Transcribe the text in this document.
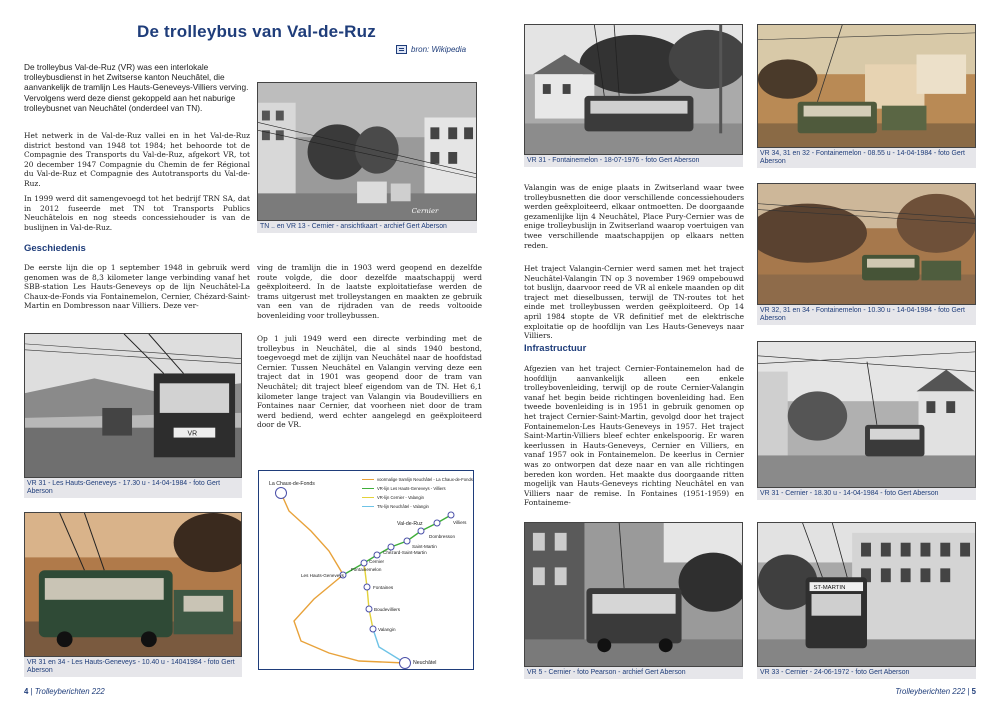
De trolleybus van Val-de-Ruz
bron: Wikipedia
De trolleybus Val-de-Ruz (VR) was een interlokale trolleybusdienst in het Zwitserse kanton Neuchâtel, die aanvankelijk de tramlijn Les Hauts-Geneveys-Villiers verving. Vervolgens werd deze dienst gekoppeld aan het naburige trolleybusnet van Neuchâtel (onderdeel van TN).
Het netwerk in de Val-de-Ruz vallei en in het Val-de-Ruz district bestond van 1948 tot 1984; het behoorde tot de Compagnie des Transports du Val-de-Ruz, afgekort VR, tot 20 december 1947 Compagnie du Chemin de fer Régional du Val-de-Ruz et Compagnie des Autotransports du Val-de-Ruz.
In 1999 werd dit samengevoegd tot het bedrijf TRN SA, dat in 2012 fuseerde met TN tot Transports Publics Neuchâtelois en nog steeds concessiehouder is van de buslijnen in Val-de-Ruz.
Geschiedenis
De eerste lijn die op 1 september 1948 in gebruik werd genomen was de 8,3 kilometer lange verbinding vanaf het SBB-station Les Hauts-Geneveys op de lijn Neuchâtel-La Chaux-de-Fonds via Fontainemelon, Cernier, Chézard-Saint-Martin en Dombresson naar Villiers. Deze ver-
ving de tramlijn die in 1903 werd geopend en dezelfde route volgde, die door dezelfde maatschappij werd geëxploiteerd. In de laatste exploitatiefase werden de trams uitgerust met trolleystangen en maakten ze gebruik van een van de rijdraden van de reeds voltooide bovenleiding voor trolleybussen.
Op 1 juli 1949 werd een directe verbinding met de trolleybus in Neuchâtel, die al sinds 1940 bestond, toegevoegd met de zijlijn van Neuchâtel naar de hoofdstad Cernier. Tussen Neuchâtel en Valangin verving deze een traject dat in 1901 was geopend door de tram van Neuchâtel; dit traject bleef eigendom van de TN. Het 6,1 kilometer lange traject van Valangin via Boudevilliers en Fontaines naar Cernier, dat voorheen niet door de tram werd bediend, werd echter aangelegd en geëxploiteerd door de VR.
Cernier
TN .. en VR 13 - Cernier - ansichtkaart - archief Gert Aberson
VR
VR 31 - Les Hauts-Geneveys - 17.30 u - 14-04-1984 - foto Gert Aberson
VR 31 en 34 - Les Hauts-Geneveys - 10.40 u - 14041984 - foto Gert Aberson
voormalige tramlijn Neuchâtel - La Chaux-de-Fonds
VR-lijn Les Hauts-Geneveys - Villiers
VR-lijn Cernier - Valangin
TN-lijn Neuchâtel - Valangin
La Chaux-de-Fonds
Val-de-Ruz	Villiers
Dombresson
Saint-Martin
Chézard-Saint-Martin
Cernier
Fontainemelon
Les Hauts-Geneveys
Fontaines
Boudevilliers
Valangin
Neuchâtel
VR 31 - Fontainemelon - 18-07-1976 - foto Gert Aberson
Valangin was de enige plaats in Zwitserland waar twee trolleybusnetten die door verschillende concessiehouders werden geëxploiteerd, elkaar ontmoetten. De doorgaande gezamenlijke lijn 4 Neuchâtel, Place Pury-Cernier was de enige trolleybuslijn in Zwitserland waarop voertuigen van twee verschillende maatschappijen op elkaars netten reden.
Het traject Valangin-Cernier werd samen met het traject Neuchâtel-Valangin TN op 3 november 1969 ompebouwd tot buslijn, daarvoor reed de VR al enkele maanden op dit traject met dieselbussen, terwijl de TN-routes tot het einde met trolleybussen werden geëxploiteerd. Op 14 april 1984 stopte de VR definitief met de elektrische exploitatie op de hoofdlijn van Les Hauts-Geneveys naar Villiers.
Infrastructuur
Afgezien van het traject Cernier-Fontainemelon had de hoofdlijn aanvankelijk alleen een enkele trolleybovenleiding, terwijl op de route Cernier-Valangin vanaf het begin beide richtingen bovenleiding had. Een tweede bovenleiding is in 1951 in gebruik genomen op het traject Cernier-Saint-Martin, gevolgd door het traject Fontainemelon-Les Hauts-Geneveys in 1957. Het traject Saint-Martin-Villiers bleef echter enkelspoorig. Er waren keerlussen in Hauts-Geneveys, Cernier en Villiers, en vanaf 1957 ook in Fontainemelon. De keerlus in Cernier was zo ontworpen dat deze naar en van alle richtingen bereden kon worden. Het maakte dus doorgaande ritten mogelijk van Hauts-Geneveys richting Neuchâtel en van Villiers naar de remise. In Fontaines (1951-1959) en Fontaineme-
VR 34, 31 en 32 - Fontainemelon - 08.55 u - 14-04-1984 - foto Gert Aberson
VR 32, 31 en 34 - Fontainemelon - 10.30 u - 14-04-1984 - foto Gert Aberson
VR 31 - Cernier - 18.30 u - 14-04-1984 - foto Gert Aberson
VR 5 - Cernier - foto Pearson - archief Gert Aberson
ST-MARTIN
VR 33 - Cernier - 24-06-1972 - foto Gert Aberson
4 | Trolleyberichten 222	Trolleyberichten 222 | 5
